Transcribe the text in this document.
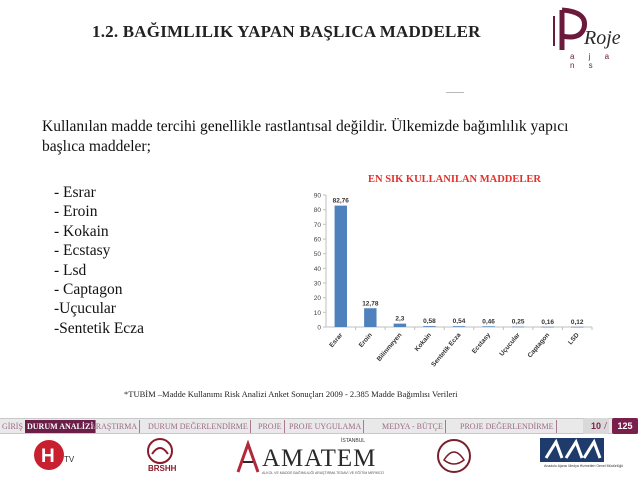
1.2. BAĞIMLILIK YAPAN BAŞLICA MADDELER	Roje
a j a n s
Kullanılan madde tercihi genellikle rastlantısal değildir. Ülkemizde bağımlılık yapıcı başlıca maddeler;
- Esrar
- Eroin
- Kokain
- Ecstasy
- Lsd
- Captagon
-Uçucular
-Sentetik Ecza
EN SIK KULLANILAN MADDELER
0
10
20
30
40
50
60
70
80
90
82,76
Esrar
12,78
Eroin
2,3
Bilinmeyen
0,58
Kokain
0,54
Sentetik Ecza
0,46
Ecstasy
0,25
Uçucular
0,16
Captagon
0,12
LSD
*TUBİM –Madde Kullanımı Risk Analizi Anket Sonuçları 2009 - 2.385 Madde Bağımlısı Verileri
GİRİŞ DURUM ANALİZİ
ARAŞTIRMA	DURUM DEĞERLENDİRME	PROJE PROJE UYGULAMA	MEDYA - BÜTÇE	PROJE DEĞERLENDİRME	10 /	125
H TV
BRSHH
İSTANBUL
AMATEM
ALKOL VE MADDE BAĞIMLILIĞI ARAŞTIRMA TEDAVİ VE EĞİTİM MERKEZİ
Anadolu Ajansı Medya Hizmetleri Genel Müdürlüğü
